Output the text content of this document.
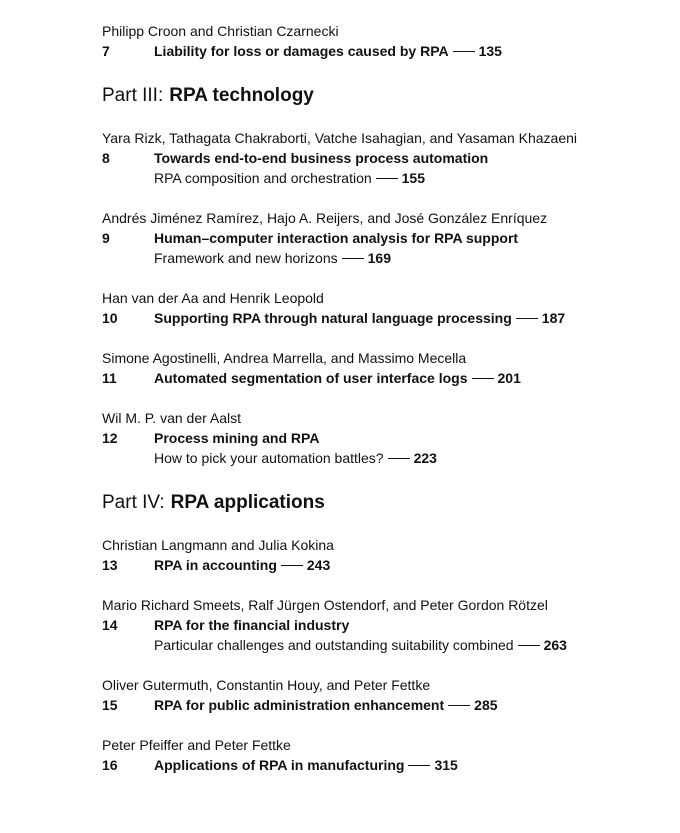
Philipp Croon and Christian Czarnecki
7	Liability for loss or damages caused by RPA 135
Part III: RPA technology
Yara Rizk, Tathagata Chakraborti, Vatche Isahagian, and Yasaman Khazaeni
8	Towards end-to-end business process automation
RPA composition and orchestration 155
Andrés Jiménez Ramírez, Hajo A. Reijers, and José González Enríquez
9	Human–computer interaction analysis for RPA support
Framework and new horizons 169
Han van der Aa and Henrik Leopold
10	Supporting RPA through natural language processing 187
Simone Agostinelli, Andrea Marrella, and Massimo Mecella
11	Automated segmentation of user interface logs 201
Wil M. P. van der Aalst
12	Process mining and RPA
How to pick your automation battles? 223
Part IV: RPA applications
Christian Langmann and Julia Kokina
13	RPA in accounting 243
Mario Richard Smeets, Ralf Jürgen Ostendorf, and Peter Gordon Rötzel
14	RPA for the financial industry
Particular challenges and outstanding suitability combined 263
Oliver Gutermuth, Constantin Houy, and Peter Fettke
15	RPA for public administration enhancement 285
Peter Pfeiffer and Peter Fettke
16	Applications of RPA in manufacturing 315
